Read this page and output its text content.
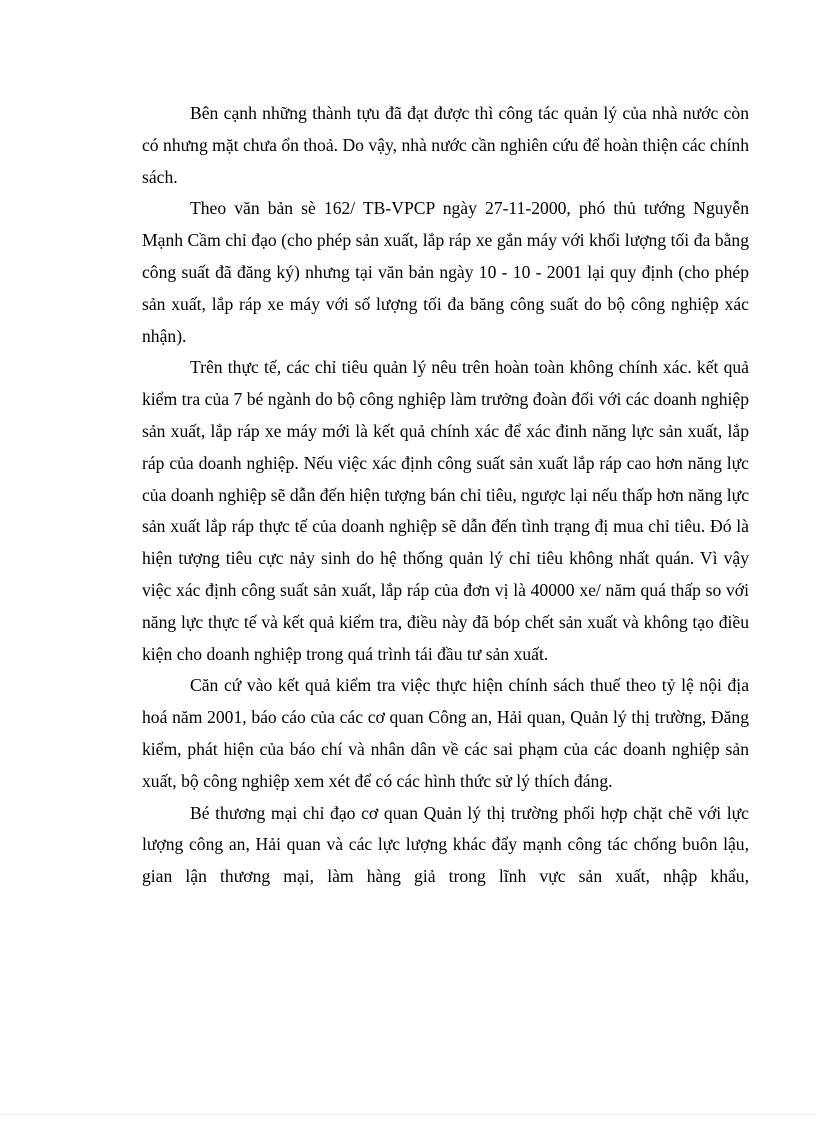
Bên cạnh những thành tựu đã đạt được thì công tác quản lý của nhà nước còn có nhưng mặt chưa ổn thoả. Do vậy, nhà nước cần nghiên cứu để hoàn thiện các chính sách.

Theo văn bản sè 162/ TB-VPCP ngày 27-11-2000, phó thủ tướng Nguyễn Mạnh Cầm chỉ đạo (cho phép sản xuất, lắp ráp xe gắn máy với khối lượng tối đa bằng công suất đã đăng ký) nhưng tại văn bản ngày 10 - 10 - 2001 lại quy định (cho phép sản xuất, lắp ráp xe máy với số lượng tối đa băng công suất do bộ công nghiệp xác nhận).

Trên thực tế, các chỉ tiêu quản lý nêu trên hoàn toàn không chính xác. kết quả kiểm tra của 7 bé ngành do bộ công nghiệp làm trưởng đoàn đối với các doanh nghiệp sản xuất, lắp ráp xe máy mới là kết quả chính xác để xác đinh năng lực sản xuất, lắp ráp của doanh nghiệp. Nếu việc xác định công suất sản xuất lắp ráp cao hơn năng lực của doanh nghiệp sẽ dẫn đến hiện tượng bán chỉ tiêu, ngược lại nếu thấp hơn năng lực sản xuất lắp ráp thực tế của doanh nghiệp sẽ dẫn đến tình trạng đị mua chỉ tiêu. Đó là hiện tượng tiêu cực nảy sinh do hệ thống quản lý chỉ tiêu không nhất quán. Vì vậy việc xác định công suất sản xuất, lắp ráp của đơn vị là 40000 xe/ năm quá thấp so với năng lực thực tế và kết quả kiểm tra, điều này đã bóp chết sản xuất và không tạo điều kiện cho doanh nghiệp trong quá trình tái đầu tư sản xuất.

Căn cứ vào kết quả kiểm tra việc thực hiện chính sách thuế theo tỷ lệ nội địa hoá năm 2001, báo cáo của các cơ quan Công an, Hải quan, Quản lý thị trường, Đăng kiểm, phát hiện của báo chí và nhân dân về các sai phạm của các doanh nghiệp sản xuất, bộ công nghiệp xem xét để có các hình thức sử lý thích đáng.

Bé thương mại chỉ đạo cơ quan Quản lý thị trường phối hợp chặt chẽ với lực lượng công an, Hải quan và các lực lượng khác đẩy mạnh công tác chống buôn lậu, gian lận thương mại, làm hàng giả trong lĩnh vực sản xuất, nhập khẩu,
